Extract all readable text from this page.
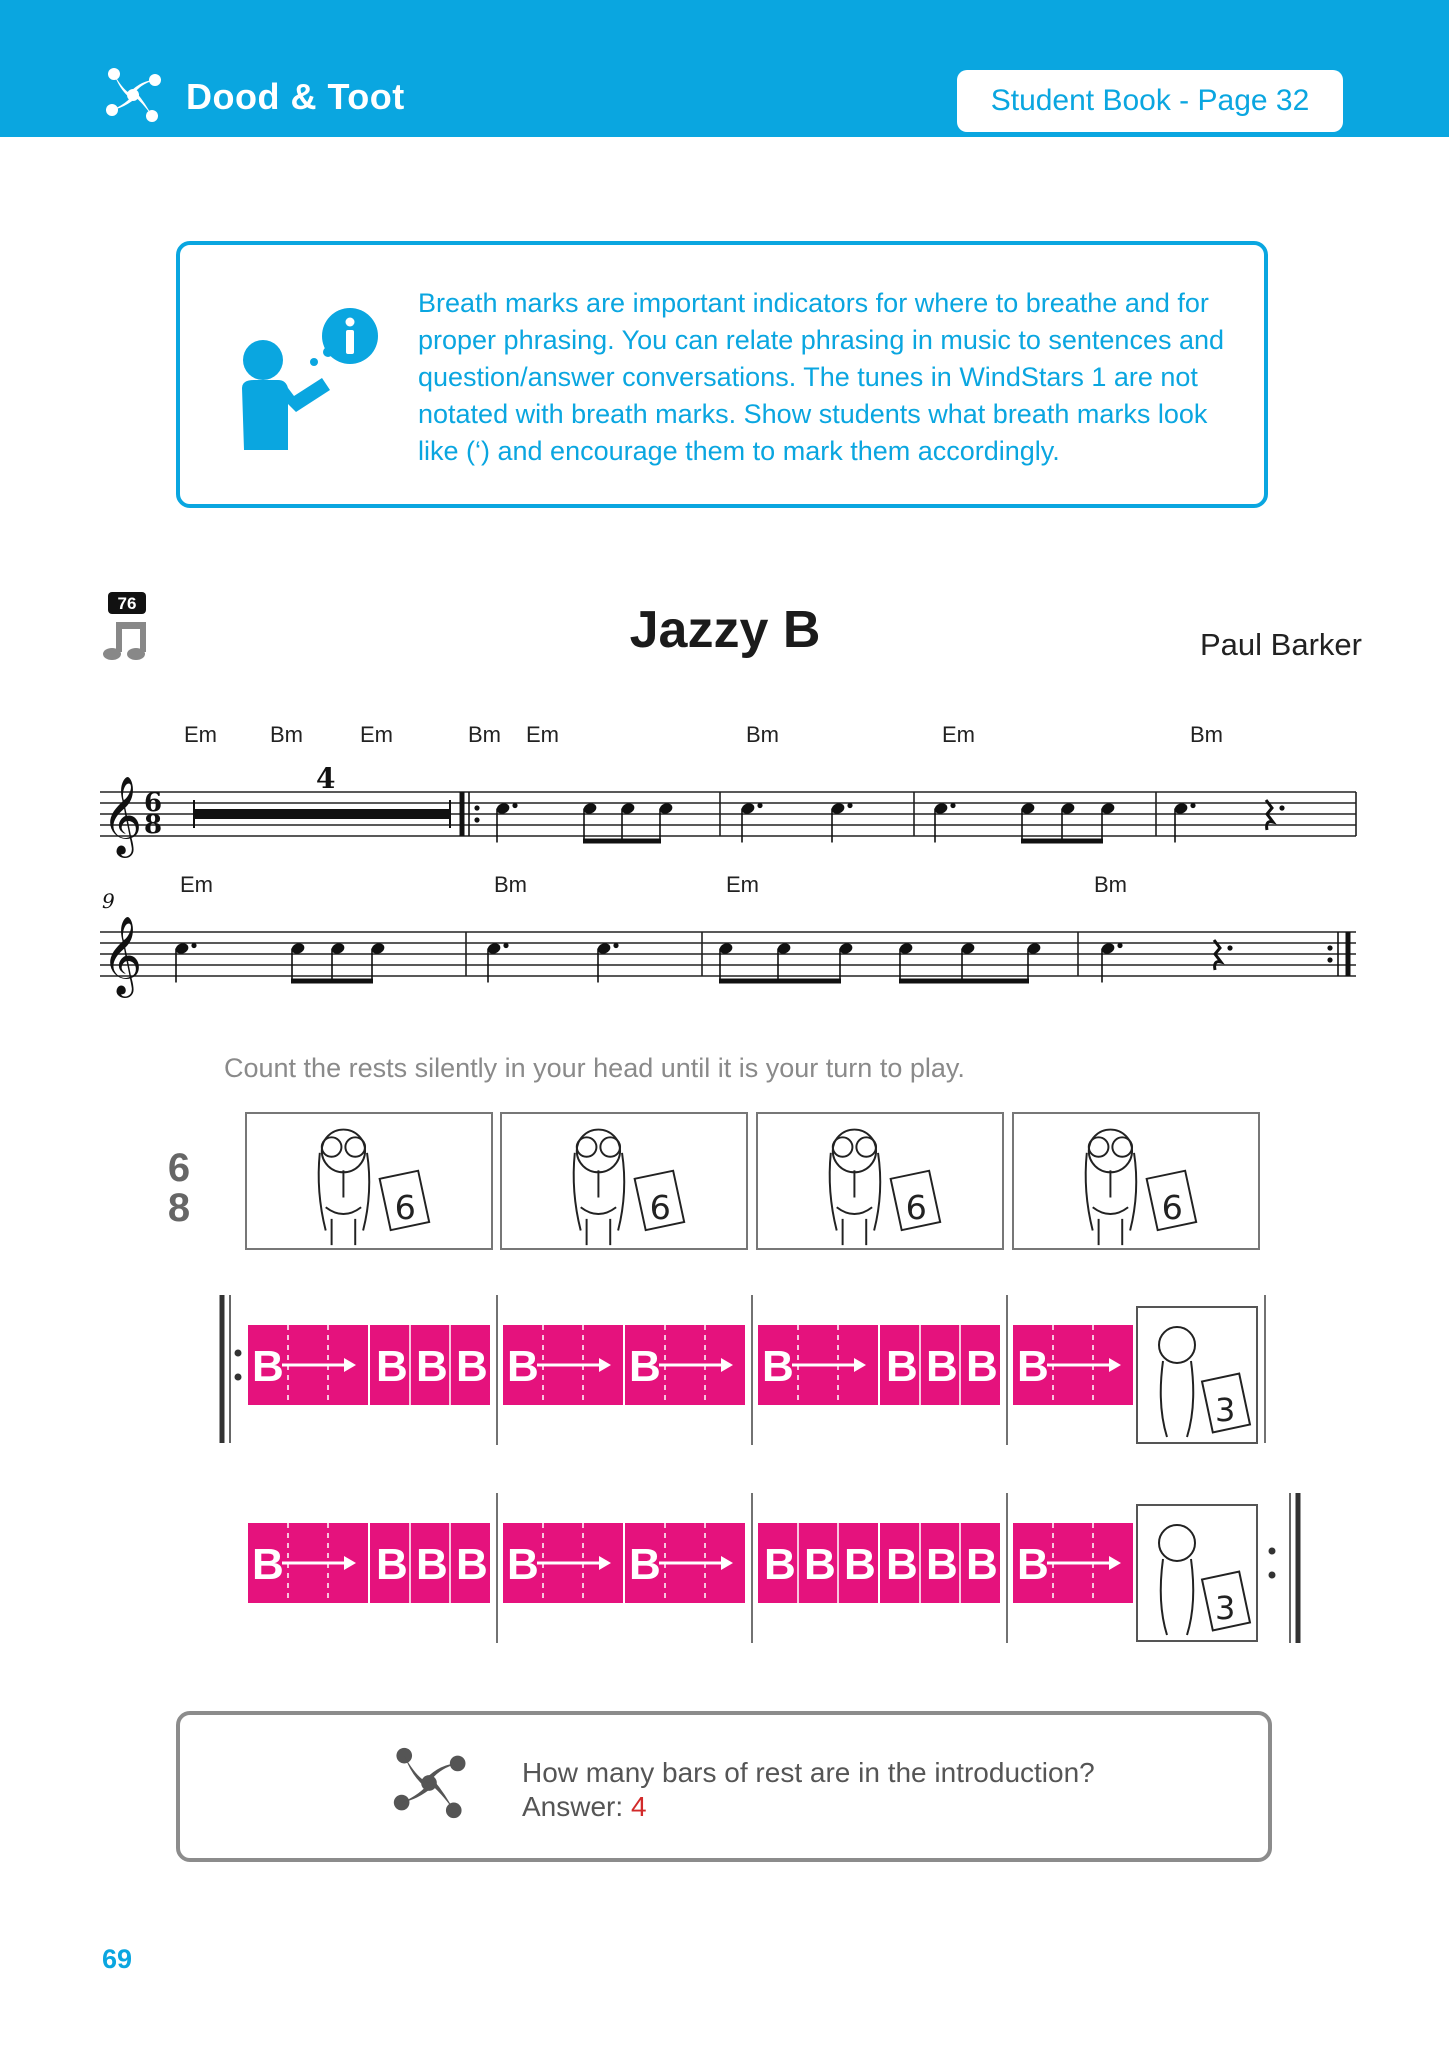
Dood & Toot	Student Book - Page 32
Breath marks are important indicators for where to breathe and for proper phrasing. You can relate phrasing in music to sentences and question/answer conversations. The tunes in WindStars 1 are not notated with breath marks. Show students what breath marks look like (‘) and encourage them to mark them accordingly.
76	Jazzy B	Paul Barker
𝄞 6
8
4
Em Bm	Em	Bm Em	Bm	Em	Bm
𝄞
9
Em	Bm	Em	Bm
Count the rests silently in your head until it is your turn to play.
6
8	6	6	6	6
B B B B B B B B B B B
3
B B B B B B B B B B B B B
3
How many bars of rest are in the introduction?
Answer: 4
69
